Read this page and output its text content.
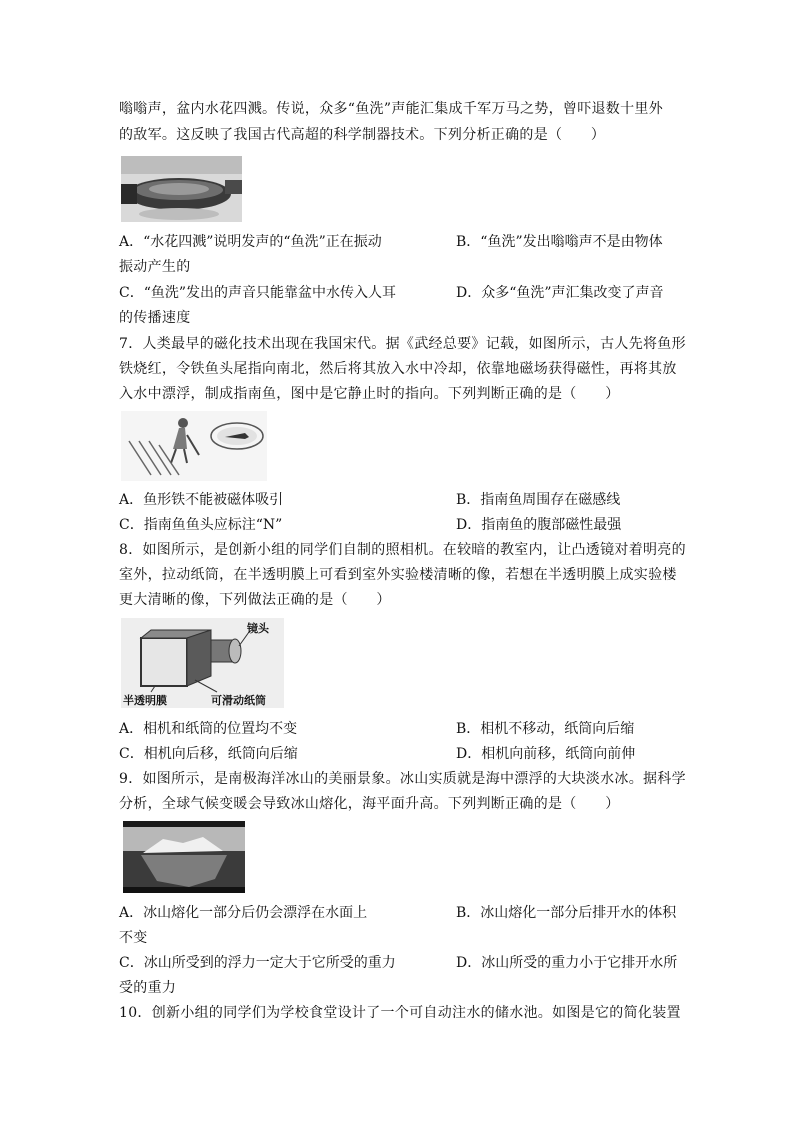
嗡嗡声，盆内水花四溅。传说，众多“鱼洗”声能汇集成千军万马之势，曾吓退数十里外
的敌军。这反映了我国古代高超的科学制器技术。下列分析正确的是（　　）
A．“水花四溅”说明发声的“鱼洗”正在振动	B．“鱼洗”发出嗡嗡声不是由物体
振动产生的
C．“鱼洗”发出的声音只能靠盆中水传入人耳	D．众多“鱼洗”声汇集改变了声音
的传播速度
7．人类最早的磁化技术出现在我国宋代。据《武经总要》记载，如图所示，古人先将鱼形
铁烧红，令铁鱼头尾指向南北，然后将其放入水中冷却，依靠地磁场获得磁性，再将其放
入水中漂浮，制成指南鱼，图中是它静止时的指向。下列判断正确的是（　　）
A．鱼形铁不能被磁体吸引	B．指南鱼周围存在磁感线
C．指南鱼鱼头应标注“N”	D．指南鱼的腹部磁性最强
8．如图所示，是创新小组的同学们自制的照相机。在较暗的教室内，让凸透镜对着明亮的
室外，拉动纸筒，在半透明膜上可看到室外实验楼清晰的像，若想在半透明膜上成实验楼
更大清晰的像，下列做法正确的是（　　）
镜头
半透明膜	可滑动纸筒
A．相机和纸筒的位置均不变	B．相机不移动，纸筒向后缩
C．相机向后移，纸筒向后缩	D．相机向前移，纸筒向前伸
9．如图所示，是南极海洋冰山的美丽景象。冰山实质就是海中漂浮的大块淡水冰。据科学
分析，全球气候变暖会导致冰山熔化，海平面升高。下列判断正确的是（　　）
A．冰山熔化一部分后仍会漂浮在水面上	B．冰山熔化一部分后排开水的体积
不变
C．冰山所受到的浮力一定大于它所受的重力	D．冰山所受的重力小于它排开水所
受的重力
10．创新小组的同学们为学校食堂设计了一个可自动注水的储水池。如图是它的简化装置
